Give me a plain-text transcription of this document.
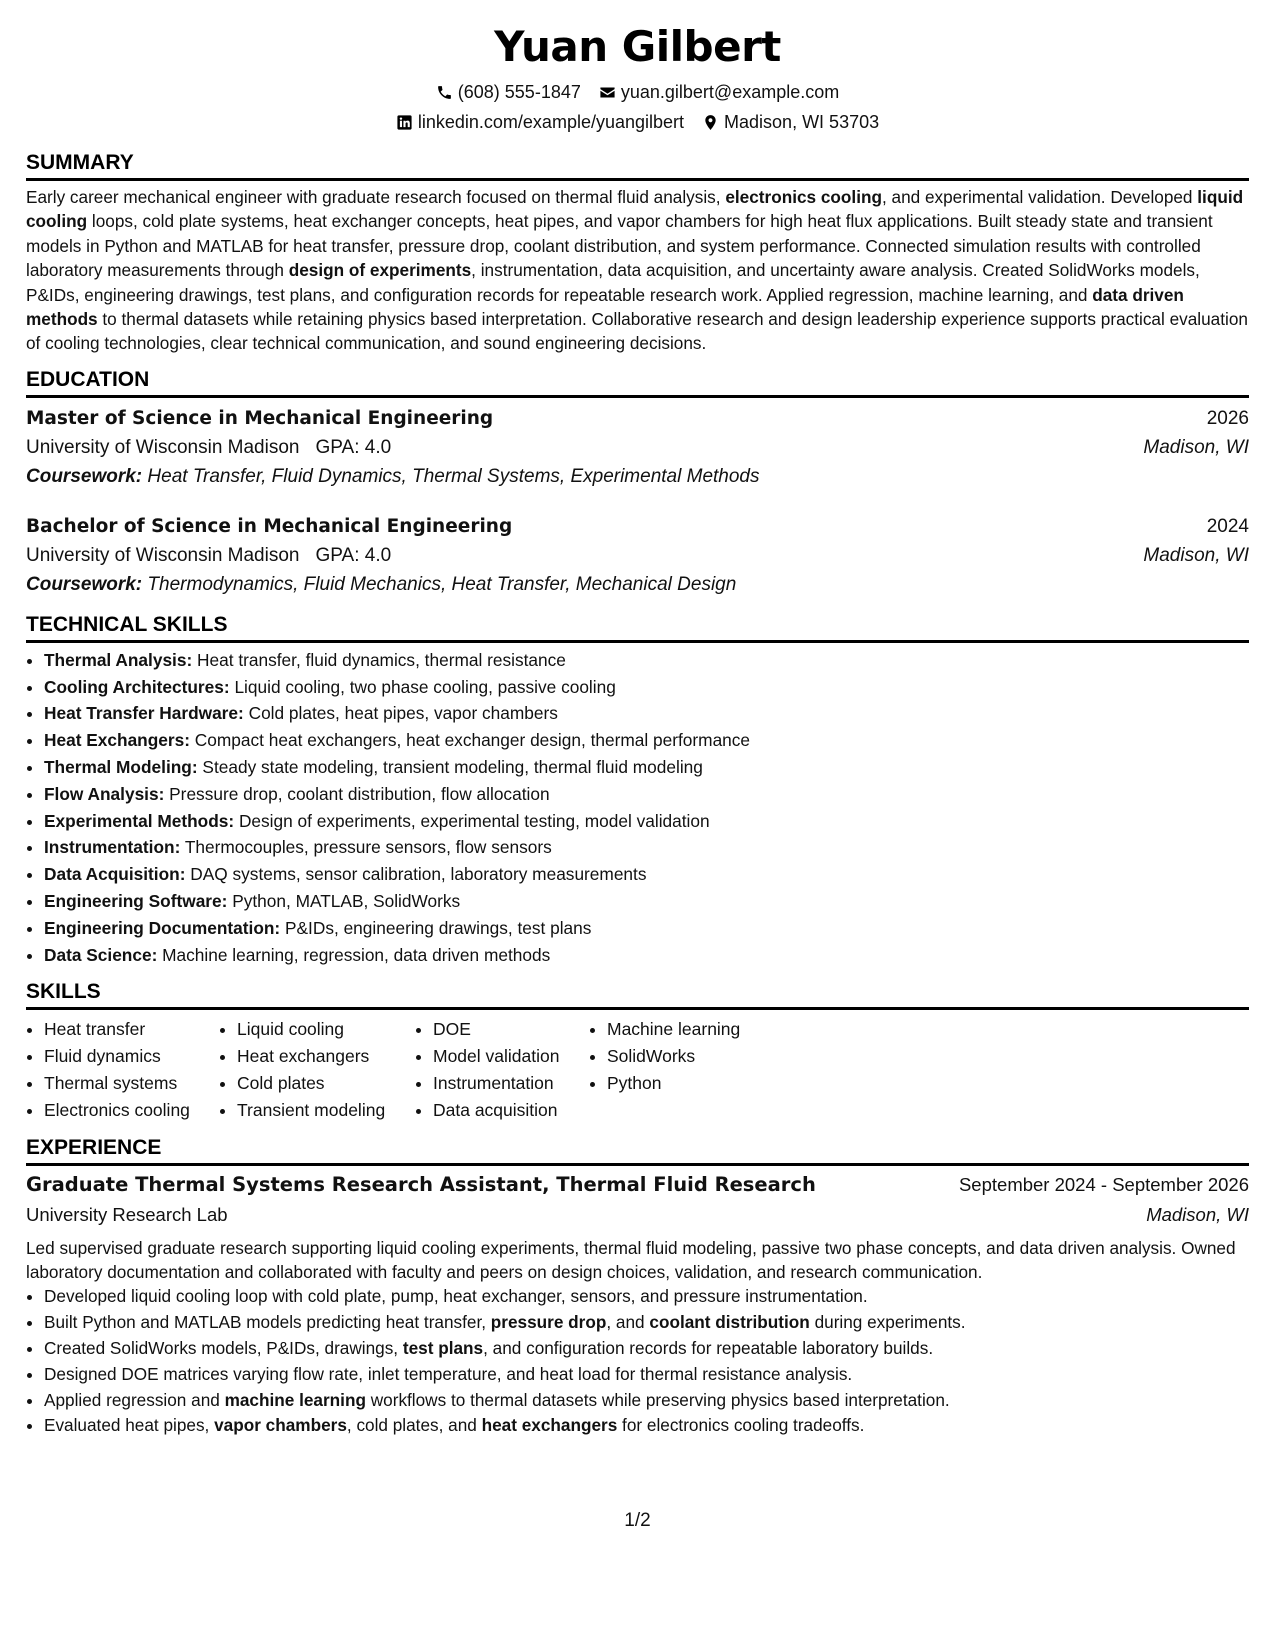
Yuan Gilbert
(608) 555-1847 yuan.gilbert@example.com
linkedin.com/example/yuangilbert Madison, WI 53703
SUMMARY

Early career mechanical engineer with graduate research focused on thermal fluid analysis, electronics cooling, and experimental validation. Developed liquid cooling loops, cold plate systems, heat exchanger concepts, heat pipes, and vapor chambers for high heat flux applications. Built steady state and transient models in Python and MATLAB for heat transfer, pressure drop, coolant distribution, and system performance. Connected simulation results with controlled laboratory measurements through design of experiments, instrumentation, data acquisition, and uncertainty aware analysis. Created SolidWorks models, P&IDs, engineering drawings, test plans, and configuration records for repeatable research work. Applied regression, machine learning, and data driven methods to thermal datasets while retaining physics based interpretation. Collaborative research and design leadership experience supports practical evaluation of cooling technologies, clear technical communication, and sound engineering decisions.

EDUCATION
Master of Science in Mechanical Engineering	2026
University of Wisconsin Madison GPA: 4.0	Madison, WI
Coursework: Heat Transfer, Fluid Dynamics, Thermal Systems, Experimental Methods
Bachelor of Science in Mechanical Engineering	2024
University of Wisconsin Madison GPA: 4.0	Madison, WI
Coursework: Thermodynamics, Fluid Mechanics, Heat Transfer, Mechanical Design
TECHNICAL SKILLS
• Thermal Analysis: Heat transfer, fluid dynamics, thermal resistance
• Cooling Architectures: Liquid cooling, two phase cooling, passive cooling
• Heat Transfer Hardware: Cold plates, heat pipes, vapor chambers
• Heat Exchangers: Compact heat exchangers, heat exchanger design, thermal performance
• Thermal Modeling: Steady state modeling, transient modeling, thermal fluid modeling
• Flow Analysis: Pressure drop, coolant distribution, flow allocation
• Experimental Methods: Design of experiments, experimental testing, model validation
• Instrumentation: Thermocouples, pressure sensors, flow sensors
• Data Acquisition: DAQ systems, sensor calibration, laboratory measurements
• Engineering Software: Python, MATLAB, SolidWorks
• Engineering Documentation: P&IDs, engineering drawings, test plans
• Data Science: Machine learning, regression, data driven methods
SKILLS
• Heat transfer
• Fluid dynamics
• Thermal systems
• Electronics cooling
• Liquid cooling
• Heat exchangers
• Cold plates
• Transient modeling
• DOE
• Model validation
• Instrumentation
• Data acquisition
• Machine learning
• SolidWorks
• Python
EXPERIENCE
Graduate Thermal Systems Research Assistant, Thermal Fluid Research	September 2024 - September 2026
University Research Lab	Madison, WI

Led supervised graduate research supporting liquid cooling experiments, thermal fluid modeling, passive two phase concepts, and data driven analysis. Owned laboratory documentation and collaborated with faculty and peers on design choices, validation, and research communication.

• Developed liquid cooling loop with cold plate, pump, heat exchanger, sensors, and pressure instrumentation.
• Built Python and MATLAB models predicting heat transfer, pressure drop, and coolant distribution during experiments.
• Created SolidWorks models, P&IDs, drawings, test plans, and configuration records for repeatable laboratory builds.
• Designed DOE matrices varying flow rate, inlet temperature, and heat load for thermal resistance analysis.
• Applied regression and machine learning workflows to thermal datasets while preserving physics based interpretation.
• Evaluated heat pipes, vapor chambers, cold plates, and heat exchangers for electronics cooling tradeoffs.
1/2
